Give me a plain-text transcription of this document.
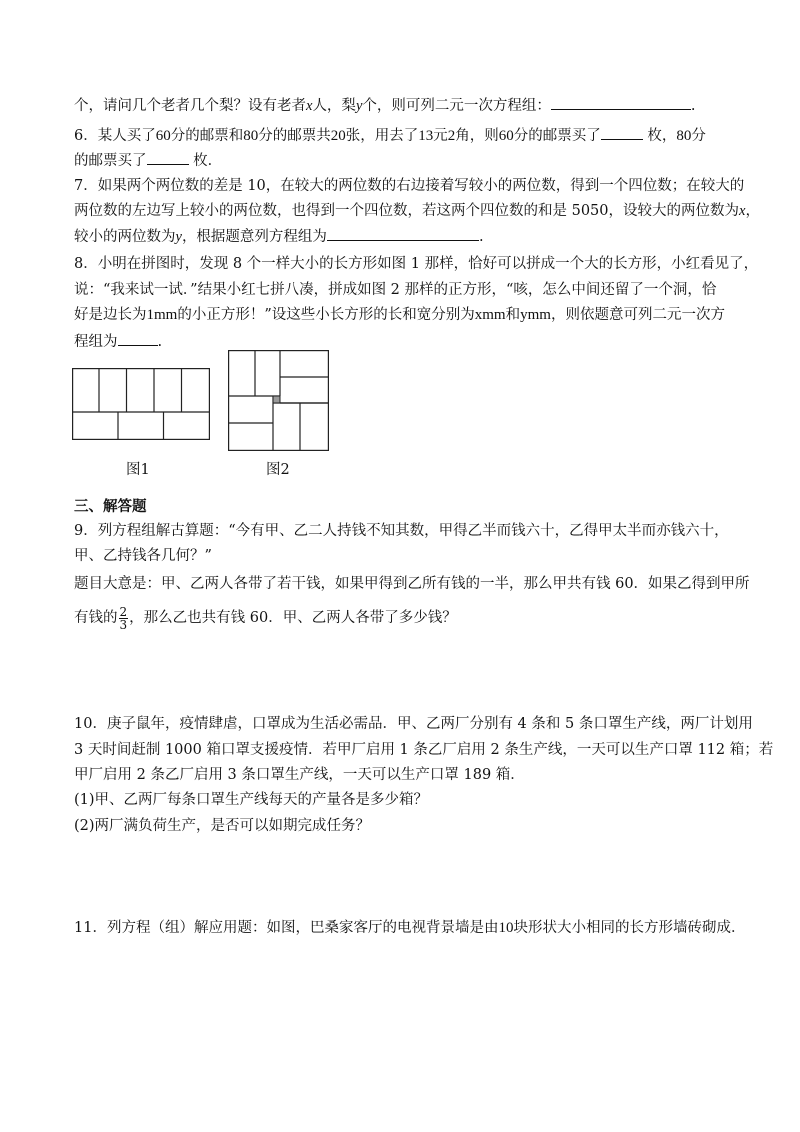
个，请问几个老者几个梨？设有老者x人，梨y个，则可列二元一次方程组：	.
6．某人买了60分的邮票和80分的邮票共20张，用去了13元2角，则60分的邮票买了	枚，80分
的邮票买了	枚．
7．如果两个两位数的差是 10，在较大的两位数的右边接着写较小的两位数，得到一个四位数；在较大的
两位数的左边写上较小的两位数，也得到一个四位数，若这两个四位数的和是 5050，设较大的两位数为x，
较小的两位数为y，根据题意列方程组为	.
8．小明在拼图时，发现 8 个一样大小的长方形如图 1 那样，恰好可以拼成一个大的长方形，小红看见了，
说：“我来试一试．”结果小红七拼八凑，拼成如图 2 那样的正方形，“咳，怎么中间还留了一个洞，恰
好是边长为1mm的小正方形！”设这些小长方形的长和宽分别为xmm和ymm，则依题意可列二元一次方
程组为	.
图1	图2
三、解答题
9．列方程组解古算题：“今有甲、乙二人持钱不知其数，甲得乙半而钱六十，乙得甲太半而亦钱六十，
甲、乙持钱各几何？”
题目大意是：甲、乙两人各带了若干钱，如果甲得到乙所有钱的一半，那么甲共有钱 60．如果乙得到甲所
有钱的 $\frac{2}{3}$ ，那么乙也共有钱 60．甲、乙两人各带了多少钱？
10．庚子鼠年，疫情肆虐，口罩成为生活必需品．甲、乙两厂分别有 4 条和 5 条口罩生产线，两厂计划用
3 天时间赶制 1000 箱口罩支援疫情．若甲厂启用 1 条乙厂启用 2 条生产线，一天可以生产口罩 112 箱；若
甲厂启用 2 条乙厂启用 3 条口罩生产线，一天可以生产口罩 189 箱．
(1)甲、乙两厂每条口罩生产线每天的产量各是多少箱？
(2)两厂满负荷生产，是否可以如期完成任务？
11．列方程（组）解应用题：如图，巴桑家客厅的电视背景墙是由10块形状大小相同的长方形墙砖砌成．
